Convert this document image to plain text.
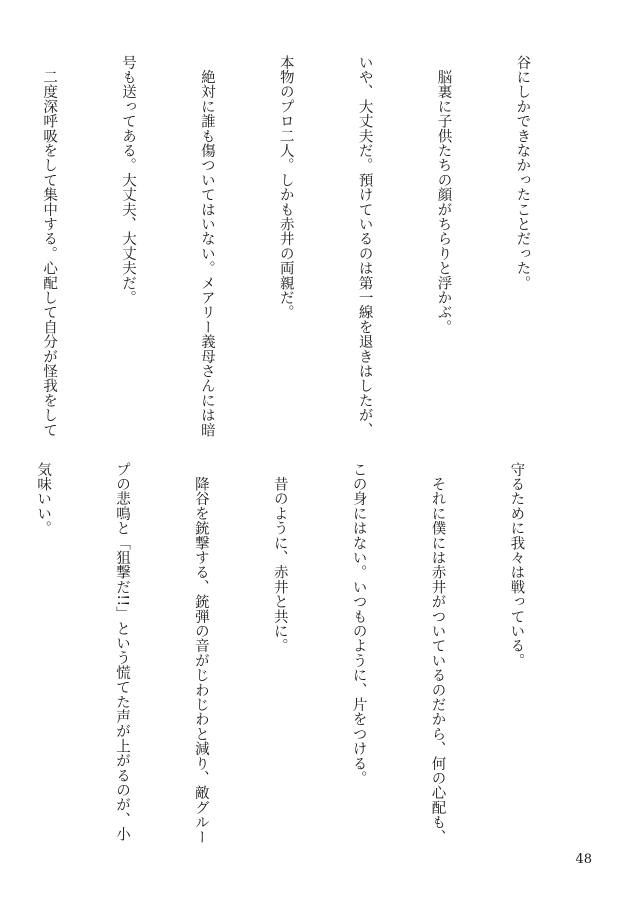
谷にしかできなかったことだった。

　脳裏に子供たちの顔がちらりと浮かぶ。

いや、大丈夫だ。預けているのは第一線を退きはしたが、

本物のプロ二人。しかも赤井の両親だ。

　絶対に誰も傷ついてはいない。メアリー義母さんには暗

号も送ってある。大丈夫、大丈夫だ。

　二度深呼吸をして集中する。心配して自分が怪我をして

守るために我々は戦っている。

　それに僕には赤井がついているのだから、何の心配も、

この身にはない。いつものように、片をつける。

　昔のように、赤井と共に。

　降谷を銃撃する、銃弾の音がじわじわと減り、敵グルー

プの悲鳴と「狙撃だ!!」という慌てた声が上がるのが、小

気味いい。

48
